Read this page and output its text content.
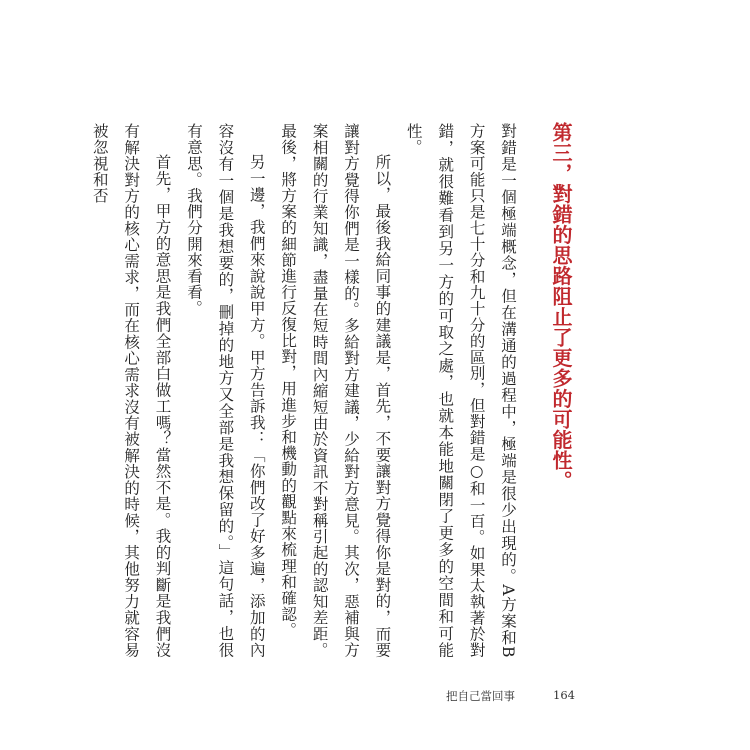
第三，對錯的思路阻止了更多的可能性。

對錯是一個極端概念，但在溝通的過程中，極端是很少出現的。A方案和B方案可能只是七十分和九十分的區別，但對錯是○和一百。如果太執著於對錯，就很難看到另一方的可取之處，也就本能地關閉了更多的空間和可能性。

所以，最後我給同事的建議是，首先，不要讓對方覺得你是對的，而要讓對方覺得你們是一樣的。多給對方建議，少給對方意見。其次，惡補與方案相關的行業知識，盡量在短時間內縮短由於資訊不對稱引起的認知差距。最後，將方案的細節進行反復比對，用進步和機動的觀點來梳理和確認。

另一邊，我們來說說甲方。甲方告訴我：「你們改了好多遍，添加的內容沒有一個是我想要的，刪掉的地方又全部是我想保留的。」這句話，也很有意思。我們分開來看看。

首先，甲方的意思是我們全部白做工嗎？當然不是。我的判斷是我們沒有解決對方的核心需求，而在核心需求沒有被解決的時候，其他努力就容易被忽視和否

把自己當回事	164
